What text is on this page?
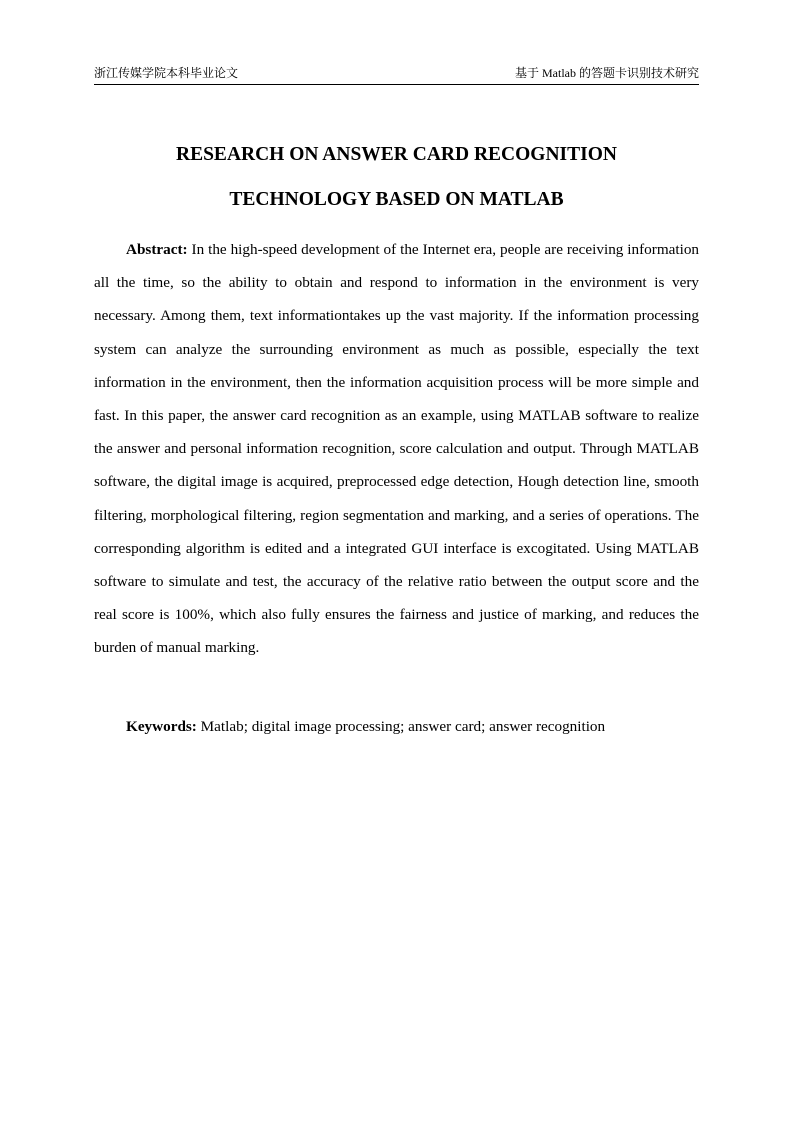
浙江传媒学院本科毕业论文	基于 Matlab 的答题卡识别技术研究
RESEARCH ON ANSWER CARD RECOGNITION
TECHNOLOGY BASED ON MATLAB

Abstract: In the high-speed development of the Internet era, people are receiving information all the time, so the ability to obtain and respond to information in the environment is very necessary. Among them, text informationtakes up the vast majority. If the information processing system can analyze the surrounding environment as much as possible, especially the text information in the environment, then the information acquisition process will be more simple and fast. In this paper, the answer card recognition as an example, using MATLAB software to realize the answer and personal information recognition, score calculation and output. Through MATLAB software, the digital image is acquired, preprocessed edge detection, Hough detection line, smooth filtering, morphological filtering, region segmentation and marking, and a series of operations. The corresponding algorithm is edited and a integrated GUI interface is excogitated. Using MATLAB software to simulate and test, the accuracy of the relative ratio between the output score and the real score is 100%, which also fully ensures the fairness and justice of marking, and reduces the burden of manual marking.

Keywords: Matlab; digital image processing; answer card; answer recognition
